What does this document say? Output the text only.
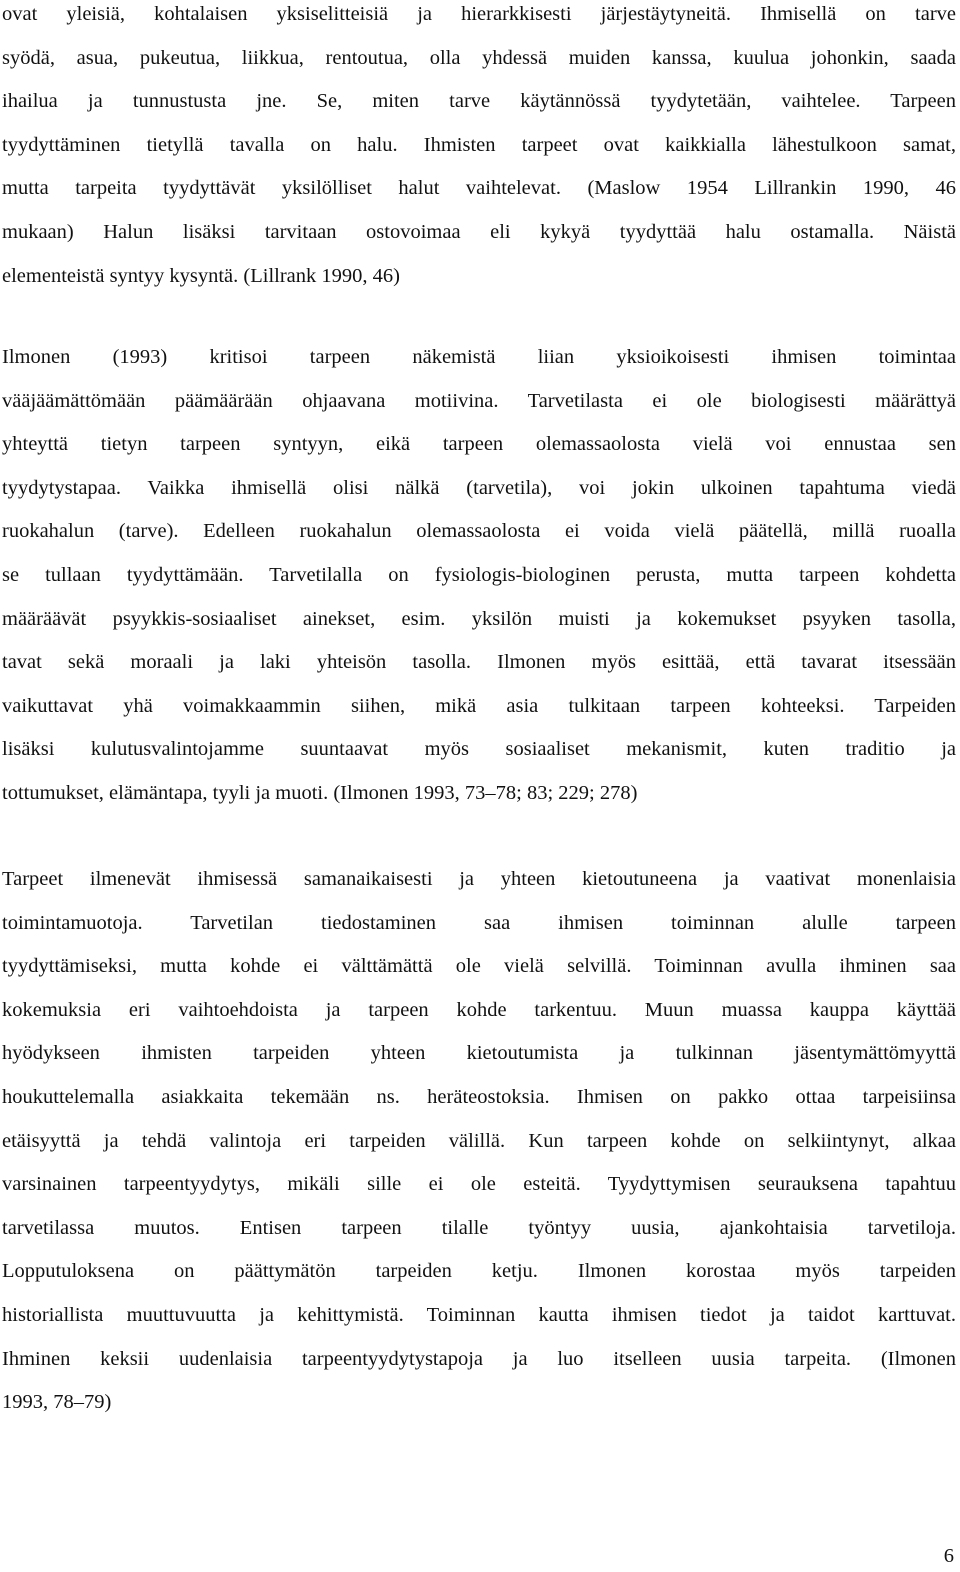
ovat yleisiä, kohtalaisen yksiselitteisiä ja hierarkkisesti järjestäytyneitä. Ihmisellä on tarve
syödä, asua, pukeutua, liikkua, rentoutua, olla yhdessä muiden kanssa, kuulua johonkin, saada
ihailua ja tunnustusta jne. Se, miten tarve käytännössä tyydytetään, vaihtelee. Tarpeen
tyydyttäminen tietyllä tavalla on halu. Ihmisten tarpeet ovat kaikkialla lähestulkoon samat,
mutta tarpeita tyydyttävät yksilölliset halut vaihtelevat. (Maslow 1954 Lillrankin 1990, 46
mukaan) Halun lisäksi tarvitaan ostovoimaa eli kykyä tyydyttää halu ostamalla. Näistä
elementeistä syntyy kysyntä. (Lillrank 1990, 46)
Ilmonen (1993) kritisoi tarpeen näkemistä liian yksioikoisesti ihmisen toimintaa
vääjäämättömään päämäärään ohjaavana motiivina. Tarvetilasta ei ole biologisesti määrättyä
yhteyttä tietyn tarpeen syntyyn, eikä tarpeen olemassaolosta vielä voi ennustaa sen
tyydytystapaa. Vaikka ihmisellä olisi nälkä (tarvetila), voi jokin ulkoinen tapahtuma viedä
ruokahalun (tarve). Edelleen ruokahalun olemassaolosta ei voida vielä päätellä, millä ruoalla
se tullaan tyydyttämään. Tarvetilalla on fysiologis-biologinen perusta, mutta tarpeen kohdetta
määräävät psyykkis-sosiaaliset ainekset, esim. yksilön muisti ja kokemukset psyyken tasolla,
tavat sekä moraali ja laki yhteisön tasolla. Ilmonen myös esittää, että tavarat itsessään
vaikuttavat yhä voimakkaammin siihen, mikä asia tulkitaan tarpeen kohteeksi. Tarpeiden
lisäksi kulutusvalintojamme suuntaavat myös sosiaaliset mekanismit, kuten traditio ja
tottumukset, elämäntapa, tyyli ja muoti. (Ilmonen 1993, 73–78; 83; 229; 278)
Tarpeet ilmenevät ihmisessä samanaikaisesti ja yhteen kietoutuneena ja vaativat monenlaisia
toimintamuotoja. Tarvetilan tiedostaminen saa ihmisen toiminnan alulle tarpeen
tyydyttämiseksi, mutta kohde ei välttämättä ole vielä selvillä. Toiminnan avulla ihminen saa
kokemuksia eri vaihtoehdoista ja tarpeen kohde tarkentuu. Muun muassa kauppa käyttää
hyödykseen ihmisten tarpeiden yhteen kietoutumista ja tulkinnan jäsentymättömyyttä
houkuttelemalla asiakkaita tekemään ns. heräteostoksia. Ihmisen on pakko ottaa tarpeisiinsa
etäisyyttä ja tehdä valintoja eri tarpeiden välillä. Kun tarpeen kohde on selkiintynyt, alkaa
varsinainen tarpeentyydytys, mikäli sille ei ole esteitä. Tyydyttymisen seurauksena tapahtuu
tarvetilassa muutos. Entisen tarpeen tilalle työntyy uusia, ajankohtaisia tarvetiloja.
Lopputuloksena on päättymätön tarpeiden ketju. Ilmonen korostaa myös tarpeiden
historiallista muuttuvuutta ja kehittymistä. Toiminnan kautta ihmisen tiedot ja taidot karttuvat.
Ihminen keksii uudenlaisia tarpeentyydytystapoja ja luo itselleen uusia tarpeita. (Ilmonen
1993, 78–79)
6
